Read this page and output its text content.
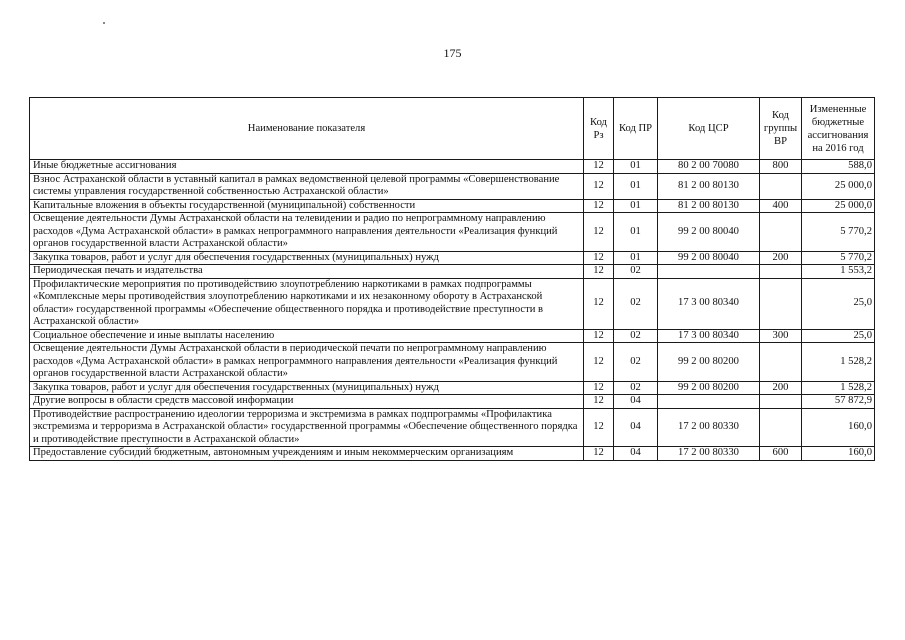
175
Наименование показателя	Код Рз	Код ПР	Код ЦСР	Код группы ВР	Измененные бюджетные ассигнования на 2016 год
Иные бюджетные ассигнования	12	01	80 2 00 70080	800	588,0
Взнос Астраханской области в уставный капитал в рамках ведомственной целевой программы «Совершенствование системы управления государственной собственностью Астраханской области»	12	01	81 2 00 80130		25 000,0
Капитальные вложения в объекты государственной (муниципальной) собственности	12	01	81 2 00 80130	400	25 000,0
Освещение деятельности Думы Астраханской области на телевидении и радио по непрограммному направлению расходов «Дума Астраханской области» в рамках непрограммного направления деятельности «Реализация функций органов государственной власти Астраханской области»	12	01	99 2 00 80040		5 770,2
Закупка товаров, работ и услуг для обеспечения государственных (муниципальных) нужд	12	01	99 2 00 80040	200	5 770,2
Периодическая печать и издательства	12	02			1 553,2
Профилактические мероприятия по противодействию злоупотреблению наркотиками в рамках подпрограммы «Комплексные меры противодействия злоупотреблению наркотиками и их незаконному обороту в Астраханской области» государственной программы «Обеспечение общественного порядка и противодействие преступности в Астраханской области»	12	02	17 3 00 80340		25,0
Социальное обеспечение и иные выплаты населению	12	02	17 3 00 80340	300	25,0
Освещение деятельности Думы Астраханской области в периодической печати по непрограммному направлению расходов «Дума Астраханской области» в рамках непрограммного направления деятельности «Реализация функций органов государственной власти Астраханской области»	12	02	99 2 00 80200		1 528,2
Закупка товаров, работ и услуг для обеспечения государственных (муниципальных) нужд	12	02	99 2 00 80200	200	1 528,2
Другие вопросы в области средств массовой информации	12	04			57 872,9
Противодействие распространению идеологии терроризма и экстремизма в рамках подпрограммы «Профилактика экстремизма и терроризма в Астраханской области» государственной программы «Обеспечение общественного порядка и противодействие преступности в Астраханской области»	12	04	17 2 00 80330		160,0
Предоставление субсидий бюджетным, автономным учреждениям и иным некоммерческим организациям	12	04	17 2 00 80330	600	160,0
